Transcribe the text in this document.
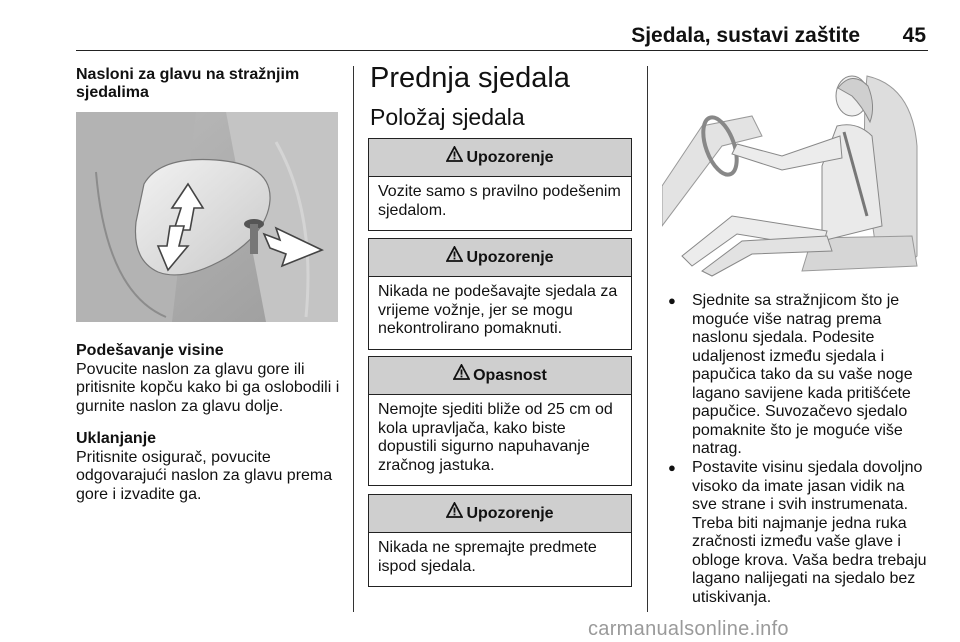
Sjedala, sustavi zaštite	45
Nasloni za glavu na stražnjim sjedalima
Podešavanje visine
Povucite naslon za glavu gore ili pritisnite kopču kako bi ga oslobodili i gurnite naslon za glavu dolje.
Uklanjanje
Pritisnite osigurač, povucite odgovarajući naslon za glavu prema gore i izvadite ga.
Prednja sjedala
Položaj sjedala
Upozorenje
Vozite samo s pravilno podešenim sjedalom.
Upozorenje
Nikada ne podešavajte sjedala za vrijeme vožnje, jer se mogu nekontrolirano pomaknuti.
Opasnost
Nemojte sjediti bliže od 25 cm od kola upravljača, kako biste dopustili sigurno napuhavanje zračnog jastuka.
Upozorenje
Nikada ne spremajte predmete ispod sjedala.
●	Sjednite sa stražnjicom što je moguće više natrag prema naslonu sjedala. Podesite udaljenost između sjedala i papučica tako da su vaše noge lagano savijene kada pritišćete papučice. Suvozačevo sjedalo pomaknite što je moguće više natrag.
●	Postavite visinu sjedala dovoljno visoko da imate jasan vidik na sve strane i svih instrumenata. Treba biti najmanje jedna ruka zračnosti između vaše glave i obloge krova. Vaša bedra trebaju lagano nalijegati na sjedalo bez utiskivanja.
carmanualsonline.info
